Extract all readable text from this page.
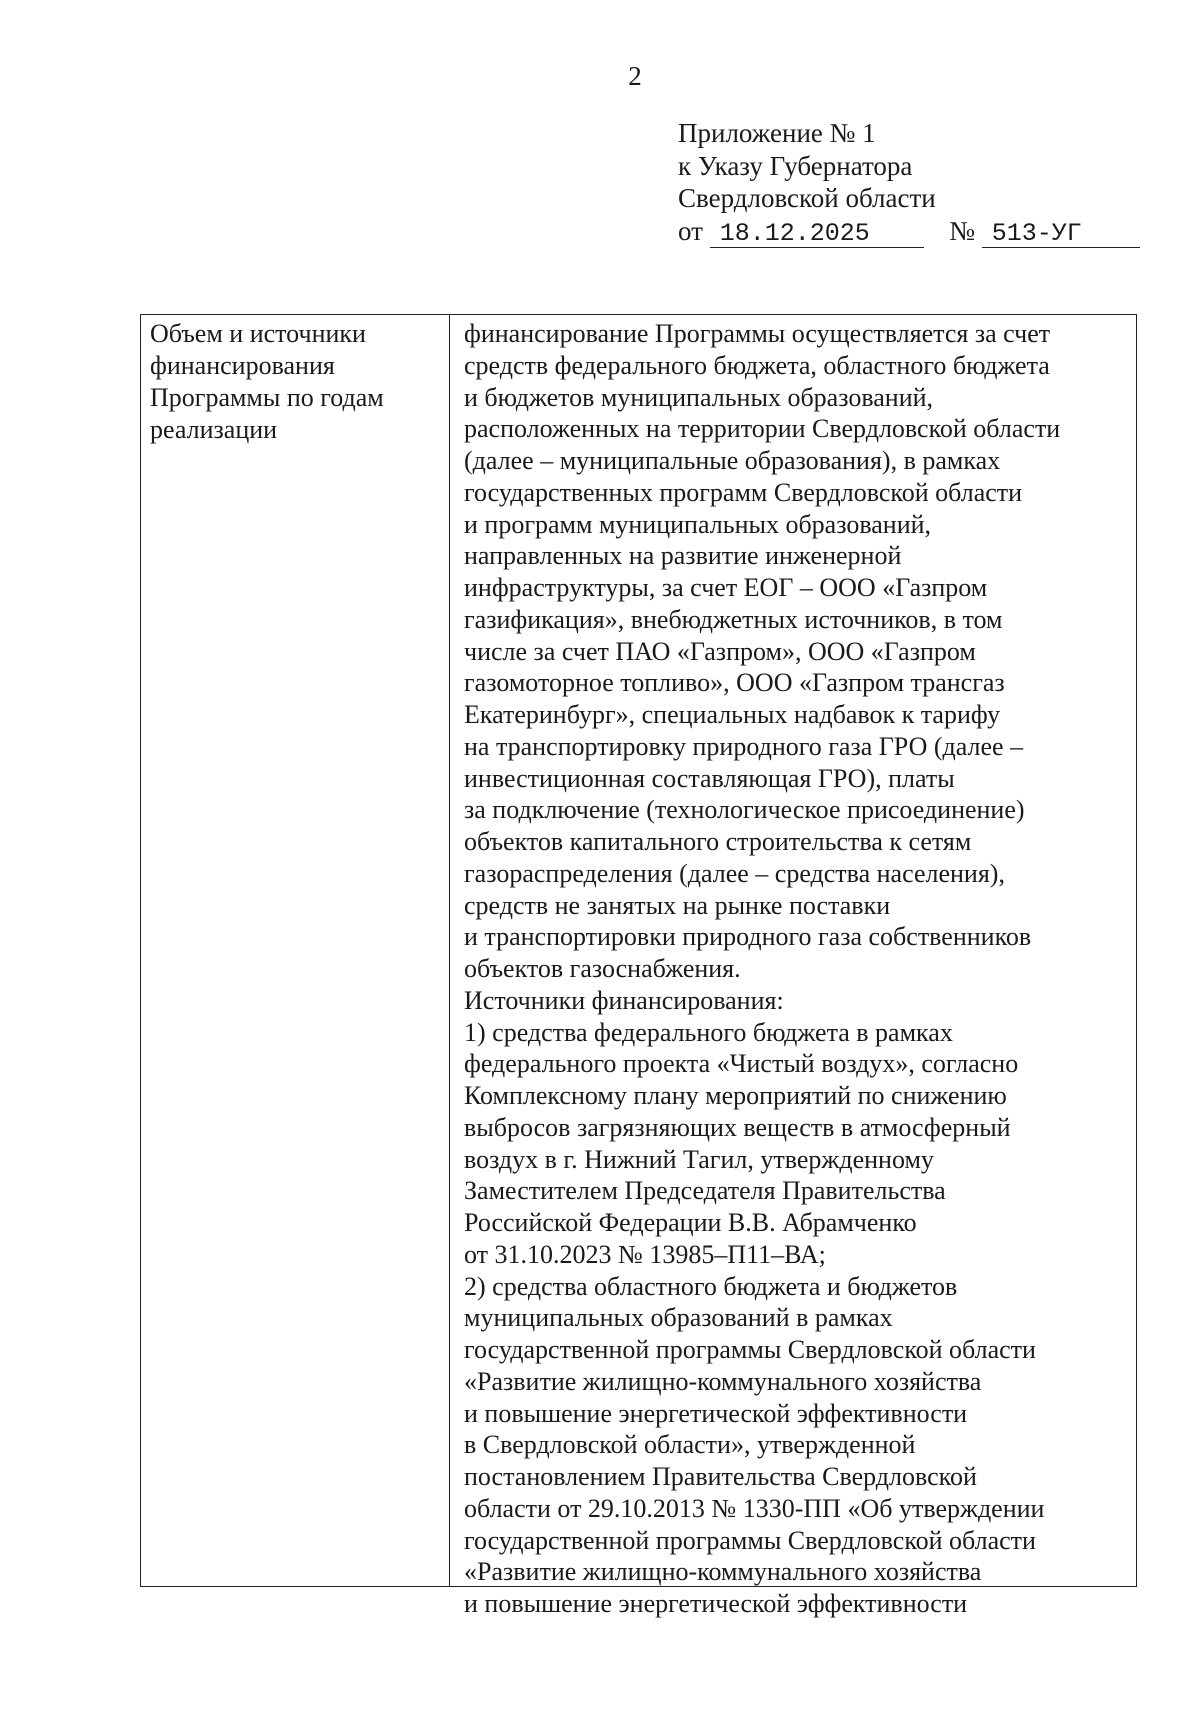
2
Приложение № 1
к Указу Губернатора
Свердловской области
от 18.12.2025	№ 513-УГ
Объем и источники
финансирования
Программы по годам
реализации
финансирование Программы осуществляется за счет
средств федерального бюджета, областного бюджета
и бюджетов муниципальных образований,
расположенных на территории Свердловской области
(далее – муниципальные образования), в рамках
государственных программ Свердловской области
и программ муниципальных образований,
направленных на развитие инженерной
инфраструктуры, за счет ЕОГ – ООО «Газпром
газификация», внебюджетных источников, в том
числе за счет ПАО «Газпром», ООО «Газпром
газомоторное топливо», ООО «Газпром трансгаз
Екатеринбург», специальных надбавок к тарифу
на транспортировку природного газа ГРО (далее –
инвестиционная составляющая ГРО), платы
за подключение (технологическое присоединение)
объектов капитального строительства к сетям
газораспределения (далее – средства населения),
средств не занятых на рынке поставки
и транспортировки природного газа собственников
объектов газоснабжения.
Источники финансирования:
1) средства федерального бюджета в рамках
федерального проекта «Чистый воздух», согласно
Комплексному плану мероприятий по снижению
выбросов загрязняющих веществ в атмосферный
воздух в г. Нижний Тагил, утвержденному
Заместителем Председателя Правительства
Российской Федерации В.В. Абрамченко
от 31.10.2023 № 13985–П11–ВА;
2) средства областного бюджета и бюджетов
муниципальных образований в рамках
государственной программы Свердловской области
«Развитие жилищно-коммунального хозяйства
и повышение энергетической эффективности
в Свердловской области», утвержденной
постановлением Правительства Свердловской
области от 29.10.2013 № 1330-ПП «Об утверждении
государственной программы Свердловской области
«Развитие жилищно-коммунального хозяйства
и повышение энергетической эффективности
